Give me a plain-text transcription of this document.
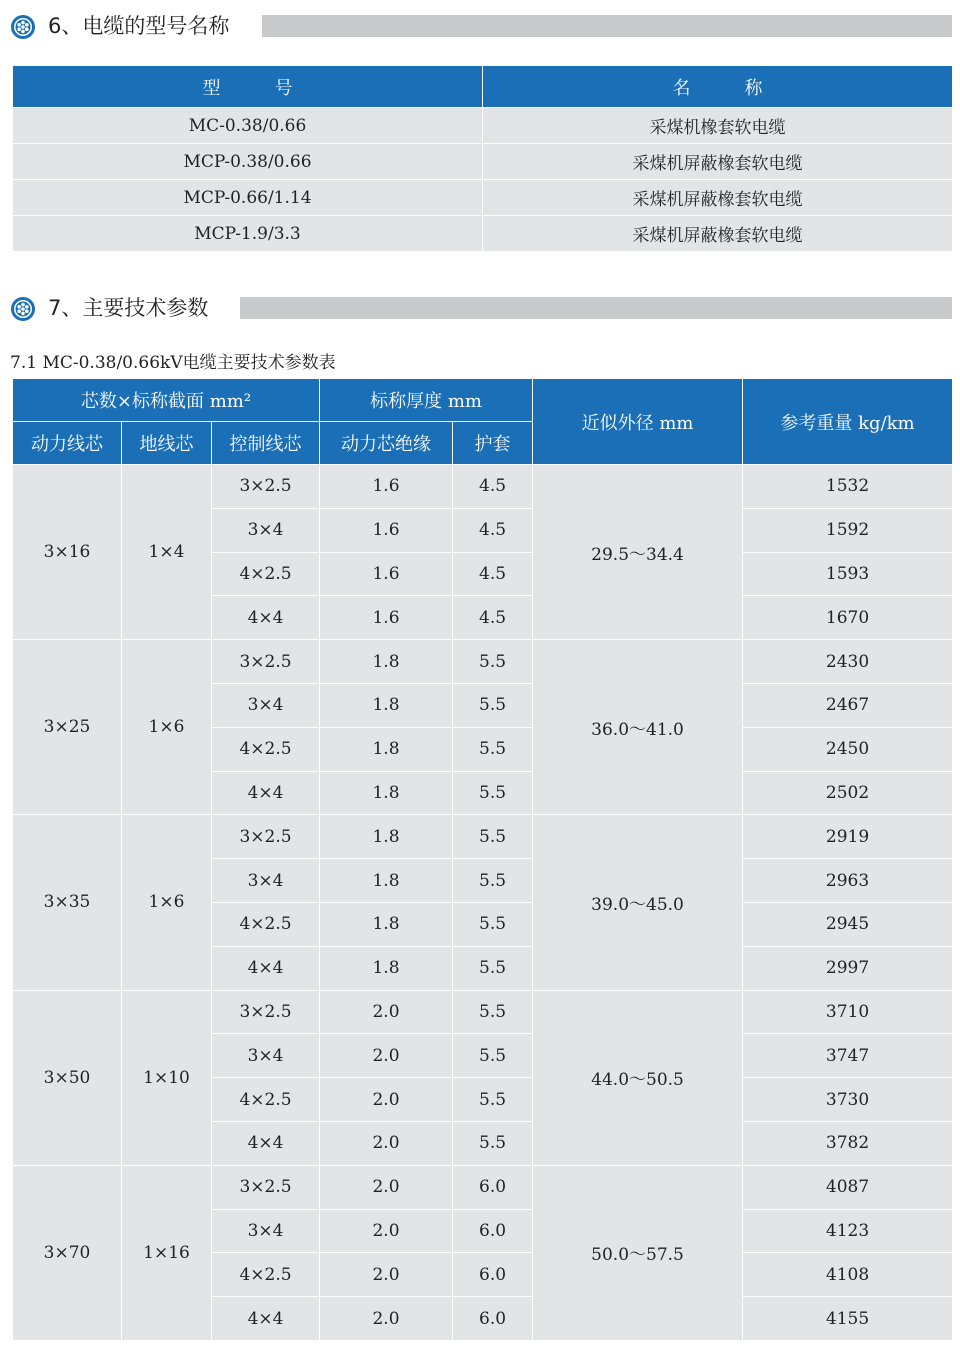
6、电缆的型号名称
型　　　号	名　　　称
MC-0.38/0.66	采煤机橡套软电缆
MCP-0.38/0.66	采煤机屏蔽橡套软电缆
MCP-0.66/1.14	采煤机屏蔽橡套软电缆
MCP-1.9/3.3	采煤机屏蔽橡套软电缆
7、主要技术参数
7.1 MC-0.38/0.66kV电缆主要技术参数表
芯数×标称截面 mm²			标称厚度 mm		近似外径 mm	参考重量 kg/km
动力线芯	地线芯	控制线芯	动力芯绝缘	护套		
3×16	1×4	3×2.5	1.6	4.5	29.5～34.4	1532
		3×4	1.6	4.5		1592
		4×2.5	1.6	4.5		1593
		4×4	1.6	4.5		1670
3×25	1×6	3×2.5	1.8	5.5	36.0～41.0	2430
		3×4	1.8	5.5		2467
		4×2.5	1.8	5.5		2450
		4×4	1.8	5.5		2502
3×35	1×6	3×2.5	1.8	5.5	39.0～45.0	2919
		3×4	1.8	5.5		2963
		4×2.5	1.8	5.5		2945
		4×4	1.8	5.5		2997
3×50	1×10	3×2.5	2.0	5.5	44.0～50.5	3710
		3×4	2.0	5.5		3747
		4×2.5	2.0	5.5		3730
		4×4	2.0	5.5		3782
3×70	1×16	3×2.5	2.0	6.0	50.0～57.5	4087
		3×4	2.0	6.0		4123
		4×2.5	2.0	6.0		4108
		4×4	2.0	6.0		4155
